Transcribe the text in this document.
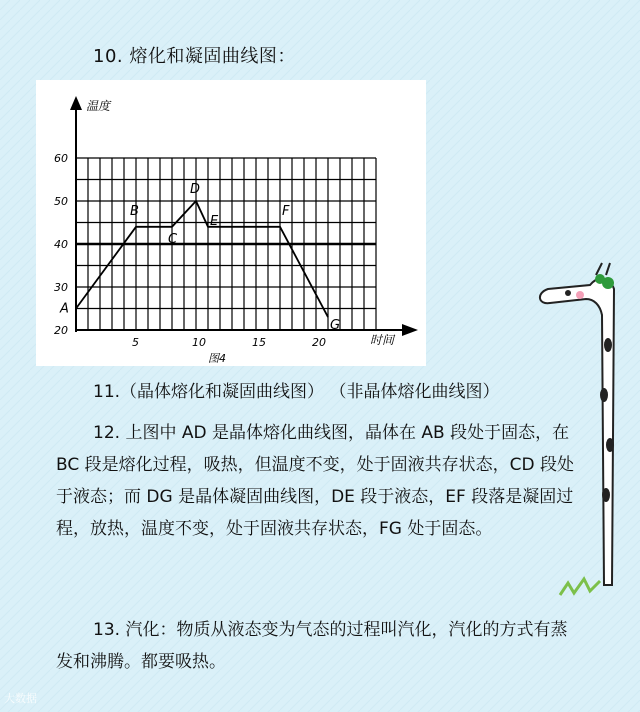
10. 熔化和凝固曲线图：
温度
时间
20
30
40
50
60
5	10	15	20
A
B
C
D
E
F
G
图4
11.（晶体熔化和凝固曲线图） （非晶体熔化曲线图）
12. 上图中 AD 是晶体熔化曲线图，晶体在 AB 段处于固态，在 BC 段是熔化过程，吸热，但温度不变，处于固液共存状态，CD 段处于液态；而 DG 是晶体凝固曲线图，DE 段于液态，EF 段落是凝固过程，放热，温度不变，处于固液共存状态，FG 处于固态。
13. 汽化：物质从液态变为气态的过程叫汽化，汽化的方式有蒸发和沸腾。都要吸热。
大数据
